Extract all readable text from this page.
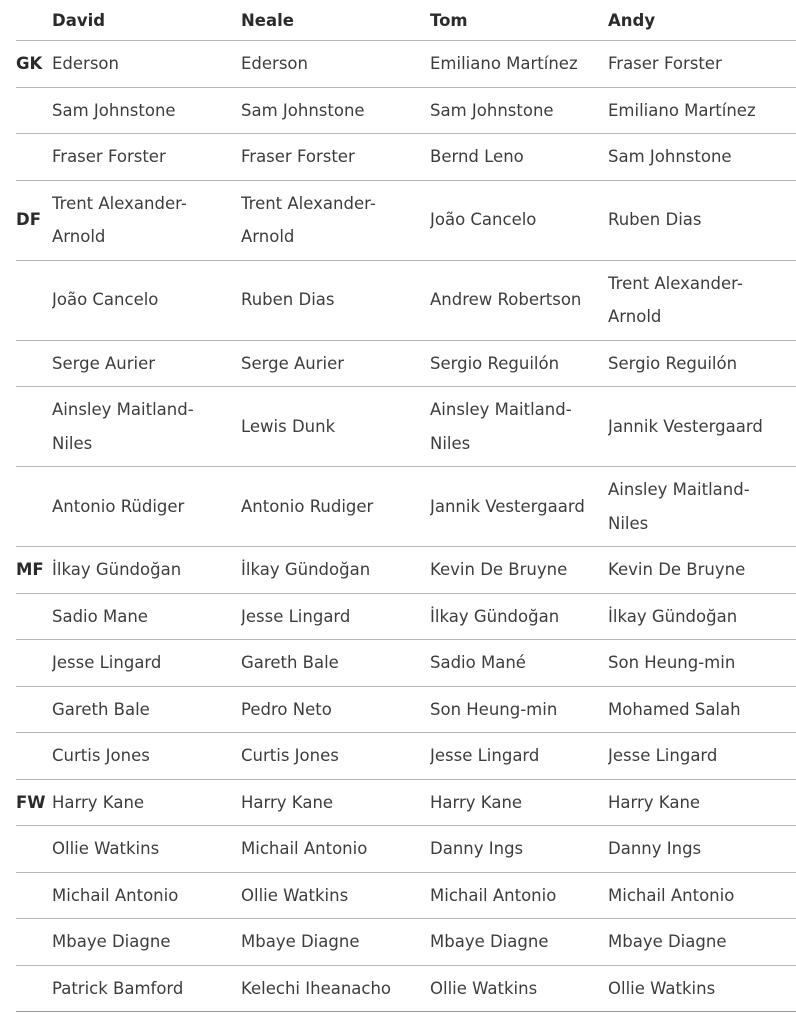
	David	Neale	Tom	Andy
GK	Ederson	Ederson	Emiliano Martínez	Fraser Forster
	Sam Johnstone	Sam Johnstone	Sam Johnstone	Emiliano Martínez
	Fraser Forster	Fraser Forster	Bernd Leno	Sam Johnstone
DF	Trent Alexander-Arnold	Trent Alexander-Arnold	João Cancelo	Ruben Dias
	João Cancelo	Ruben Dias	Andrew Robertson	Trent Alexander-Arnold
	Serge Aurier	Serge Aurier	Sergio Reguilón	Sergio Reguilón
	Ainsley Maitland-Niles	Lewis Dunk	Ainsley Maitland-Niles	Jannik Vestergaard
	Antonio Rüdiger	Antonio Rudiger	Jannik Vestergaard	Ainsley Maitland-Niles
MF	İlkay Gündoğan	İlkay Gündoğan	Kevin De Bruyne	Kevin De Bruyne
	Sadio Mane	Jesse Lingard	İlkay Gündoğan	İlkay Gündoğan
	Jesse Lingard	Gareth Bale	Sadio Mané	Son Heung-min
	Gareth Bale	Pedro Neto	Son Heung-min	Mohamed Salah
	Curtis Jones	Curtis Jones	Jesse Lingard	Jesse Lingard
FW	Harry Kane	Harry Kane	Harry Kane	Harry Kane
	Ollie Watkins	Michail Antonio	Danny Ings	Danny Ings
	Michail Antonio	Ollie Watkins	Michail Antonio	Michail Antonio
	Mbaye Diagne	Mbaye Diagne	Mbaye Diagne	Mbaye Diagne
	Patrick Bamford	Kelechi Iheanacho	Ollie Watkins	Ollie Watkins
